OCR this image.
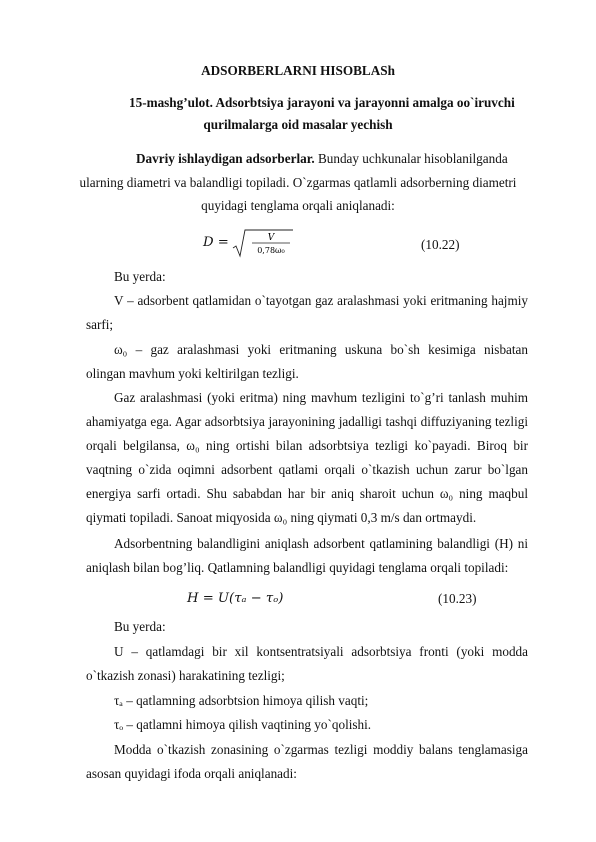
ADSORBERLARNI HISOBLASh
15-mashg’ulot. Adsorbtsiya jarayoni va jarayonni amalga oo`iruvchi
qurilmalarga oid masalar yechish
Davriy ishlaydigan adsorberlar. Bunday uchkunalar hisoblanilganda
ularning diametri va balandligi topiladi. O`zgarmas qatlamli adsorberning diametri
quyidagi tenglama orqali aniqlanadi:
D =	V
0,78ω₀	(10.22)
Bu yerda:
V – adsorbent qatlamidan o`tayotgan gaz aralashmasi yoki eritmaning hajmiy
sarfi;
ω₀ – gaz aralashmasi yoki eritmaning uskuna bo`sh kesimiga nisbatan
olingan mavhum yoki keltirilgan tezligi.
Gaz aralashmasi (yoki eritma) ning mavhum tezligini to`g’ri tanlash muhim
ahamiyatga ega. Agar adsorbtsiya jarayonining jadalligi tashqi diffuziyaning tezligi
orqali belgilansa, ω₀ ning ortishi bilan adsorbtsiya tezligi ko`payadi. Biroq bir
vaqtning o`zida oqimni adsorbent qatlami orqali o`tkazish uchun zarur bo`lgan
energiya sarfi ortadi. Shu sababdan har bir aniq sharoit uchun ω₀ ning maqbul
qiymati topiladi. Sanoat miqyosida ω₀ ning qiymati 0,3 m/s dan ortmaydi.
Adsorbentning balandligini aniqlash adsorbent qatlamining balandligi (H) ni
aniqlash bilan bog’liq. Qatlamning balandligi quyidagi tenglama orqali topiladi:
H = U(τₐ − τₒ)	(10.23)
Bu yerda:
U – qatlamdagi bir xil kontsentratsiyali adsorbtsiya fronti (yoki modda
o`tkazish zonasi) harakatining tezligi;
τₐ – qatlamning adsorbtsion himoya qilish vaqti;
τₒ – qatlamni himoya qilish vaqtining yo`qolishi.
Modda o`tkazish zonasining o`zgarmas tezligi moddiy balans tenglamasiga
asosan quyidagi ifoda orqali aniqlanadi:
